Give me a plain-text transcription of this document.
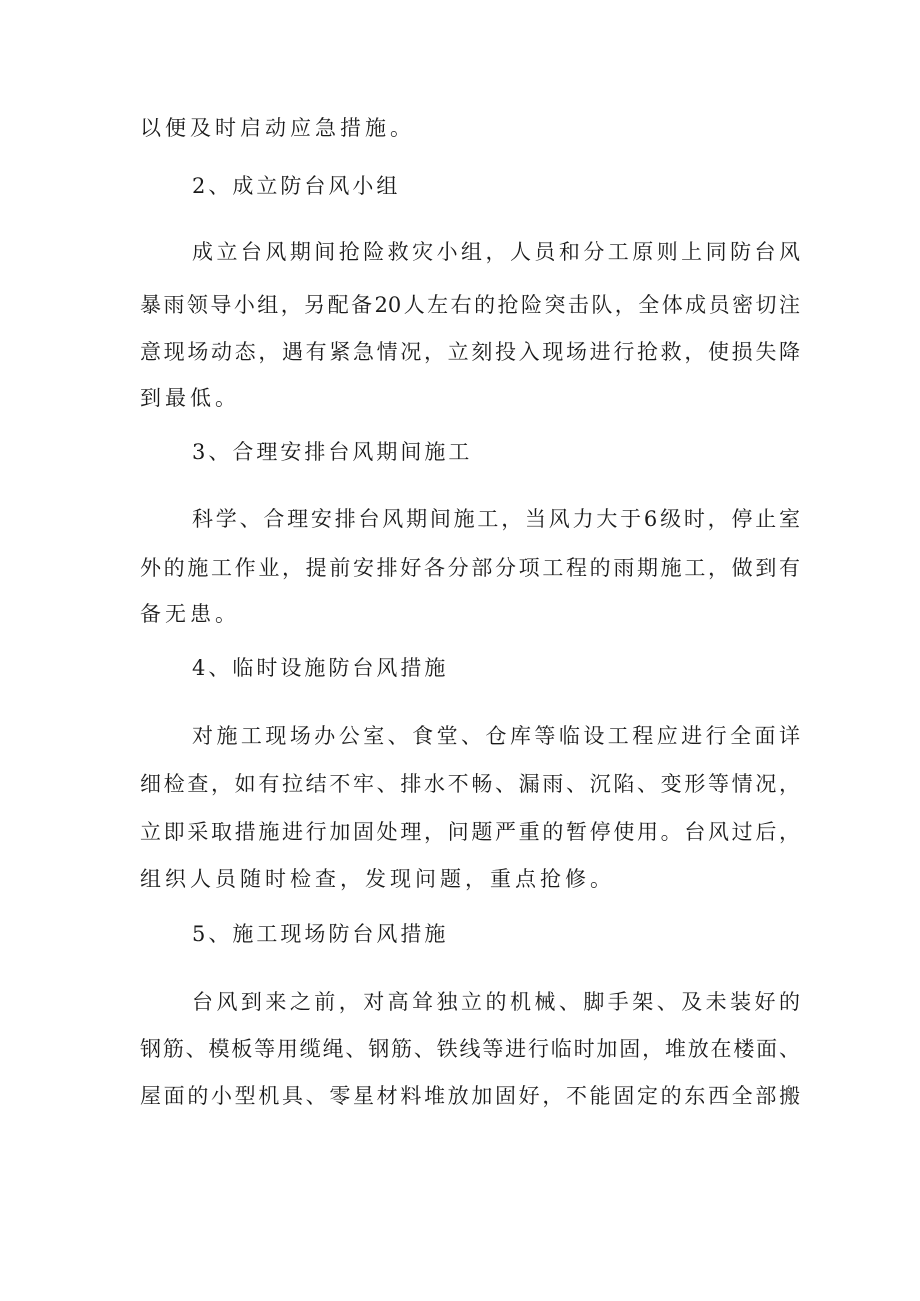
以便及时启动应急措施。
2、成立防台风小组
成立台风期间抢险救灾小组，人员和分工原则上同防台风
暴雨领导小组，另配备20人左右的抢险突击队，全体成员密切注
意现场动态，遇有紧急情况，立刻投入现场进行抢救，使损失降
到最低。
3、合理安排台风期间施工
科学、合理安排台风期间施工，当风力大于6级时，停止室
外的施工作业，提前安排好各分部分项工程的雨期施工，做到有
备无患。
4、临时设施防台风措施
对施工现场办公室、食堂、仓库等临设工程应进行全面详
细检查，如有拉结不牢、排水不畅、漏雨、沉陷、变形等情况，
立即采取措施进行加固处理，问题严重的暂停使用。台风过后，
组织人员随时检查，发现问题，重点抢修。
5、施工现场防台风措施
台风到来之前，对高耸独立的机械、脚手架、及未装好的
钢筋、模板等用缆绳、钢筋、铁线等进行临时加固，堆放在楼面、
屋面的小型机具、零星材料堆放加固好，不能固定的东西全部搬
